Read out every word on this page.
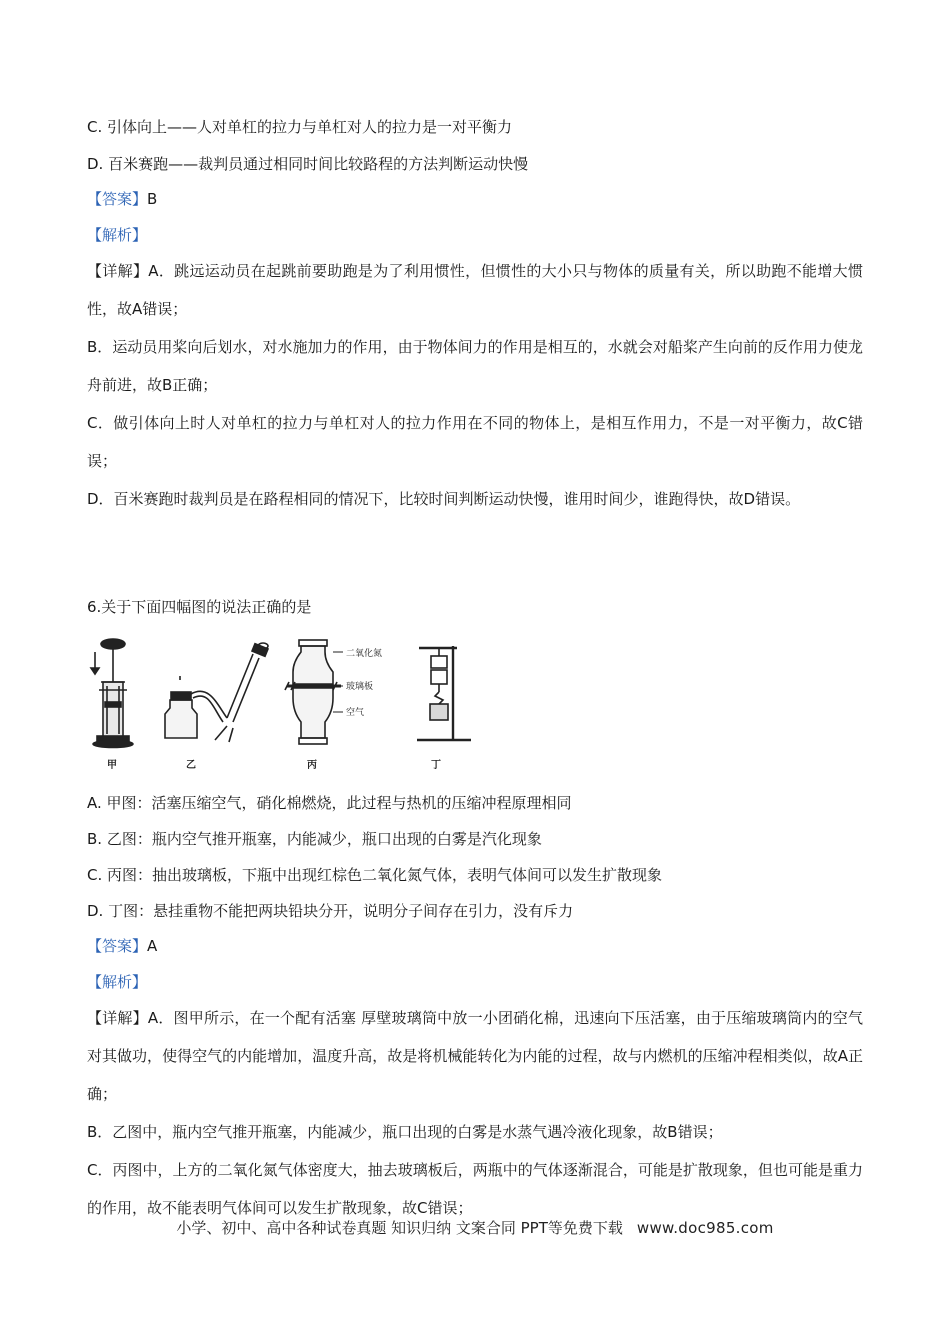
C. 引体向上——人对单杠的拉力与单杠对人的拉力是一对平衡力
D. 百米赛跑——裁判员通过相同时间比较路程的方法判断运动快慢
【答案】B
【解析】
【详解】A．跳远运动员在起跳前要助跑是为了利用惯性，但惯性的大小只与物体的质量有关，所以助跑不能增大惯性，故A错误；
B．运动员用桨向后划水，对水施加力的作用，由于物体间力的作用是相互的，水就会对船桨产生向前的反作用力使龙舟前进，故B正确；
C．做引体向上时人对单杠的拉力与单杠对人的拉力作用在不同的物体上，是相互作用力，不是一对平衡力，故C错误；
D．百米赛跑时裁判员是在路程相同的情况下，比较时间判断运动快慢，谁用时间少，谁跑得快，故D错误。
6.关于下面四幅图的说法正确的是
二氧化氮
玻璃板
空气
甲	乙	丙	丁
A. 甲图：活塞压缩空气，硝化棉燃烧，此过程与热机的压缩冲程原理相同
B. 乙图：瓶内空气推开瓶塞，内能减少，瓶口出现的白雾是汽化现象
C. 丙图：抽出玻璃板，下瓶中出现红棕色二氧化氮气体，表明气体间可以发生扩散现象
D. 丁图：悬挂重物不能把两块铅块分开，说明分子间存在引力，没有斥力
【答案】A
【解析】
【详解】A．图甲所示，在一个配有活塞 厚壁玻璃筒中放一小团硝化棉，迅速向下压活塞，由于压缩玻璃筒内的空气对其做功，使得空气的内能增加，温度升高，故是将机械能转化为内能的过程，故与内燃机的压缩冲程相类似，故A正确；
B．乙图中，瓶内空气推开瓶塞，内能减少，瓶口出现的白雾是水蒸气遇冷液化现象，故B错误；
C．丙图中，上方的二氧化氮气体密度大，抽去玻璃板后，两瓶中的气体逐渐混合，可能是扩散现象，但也可能是重力的作用，故不能表明气体间可以发生扩散现象，故C错误；
小学、初中、高中各种试卷真题 知识归纳 文案合同 PPT等免费下载 www.doc985.com
